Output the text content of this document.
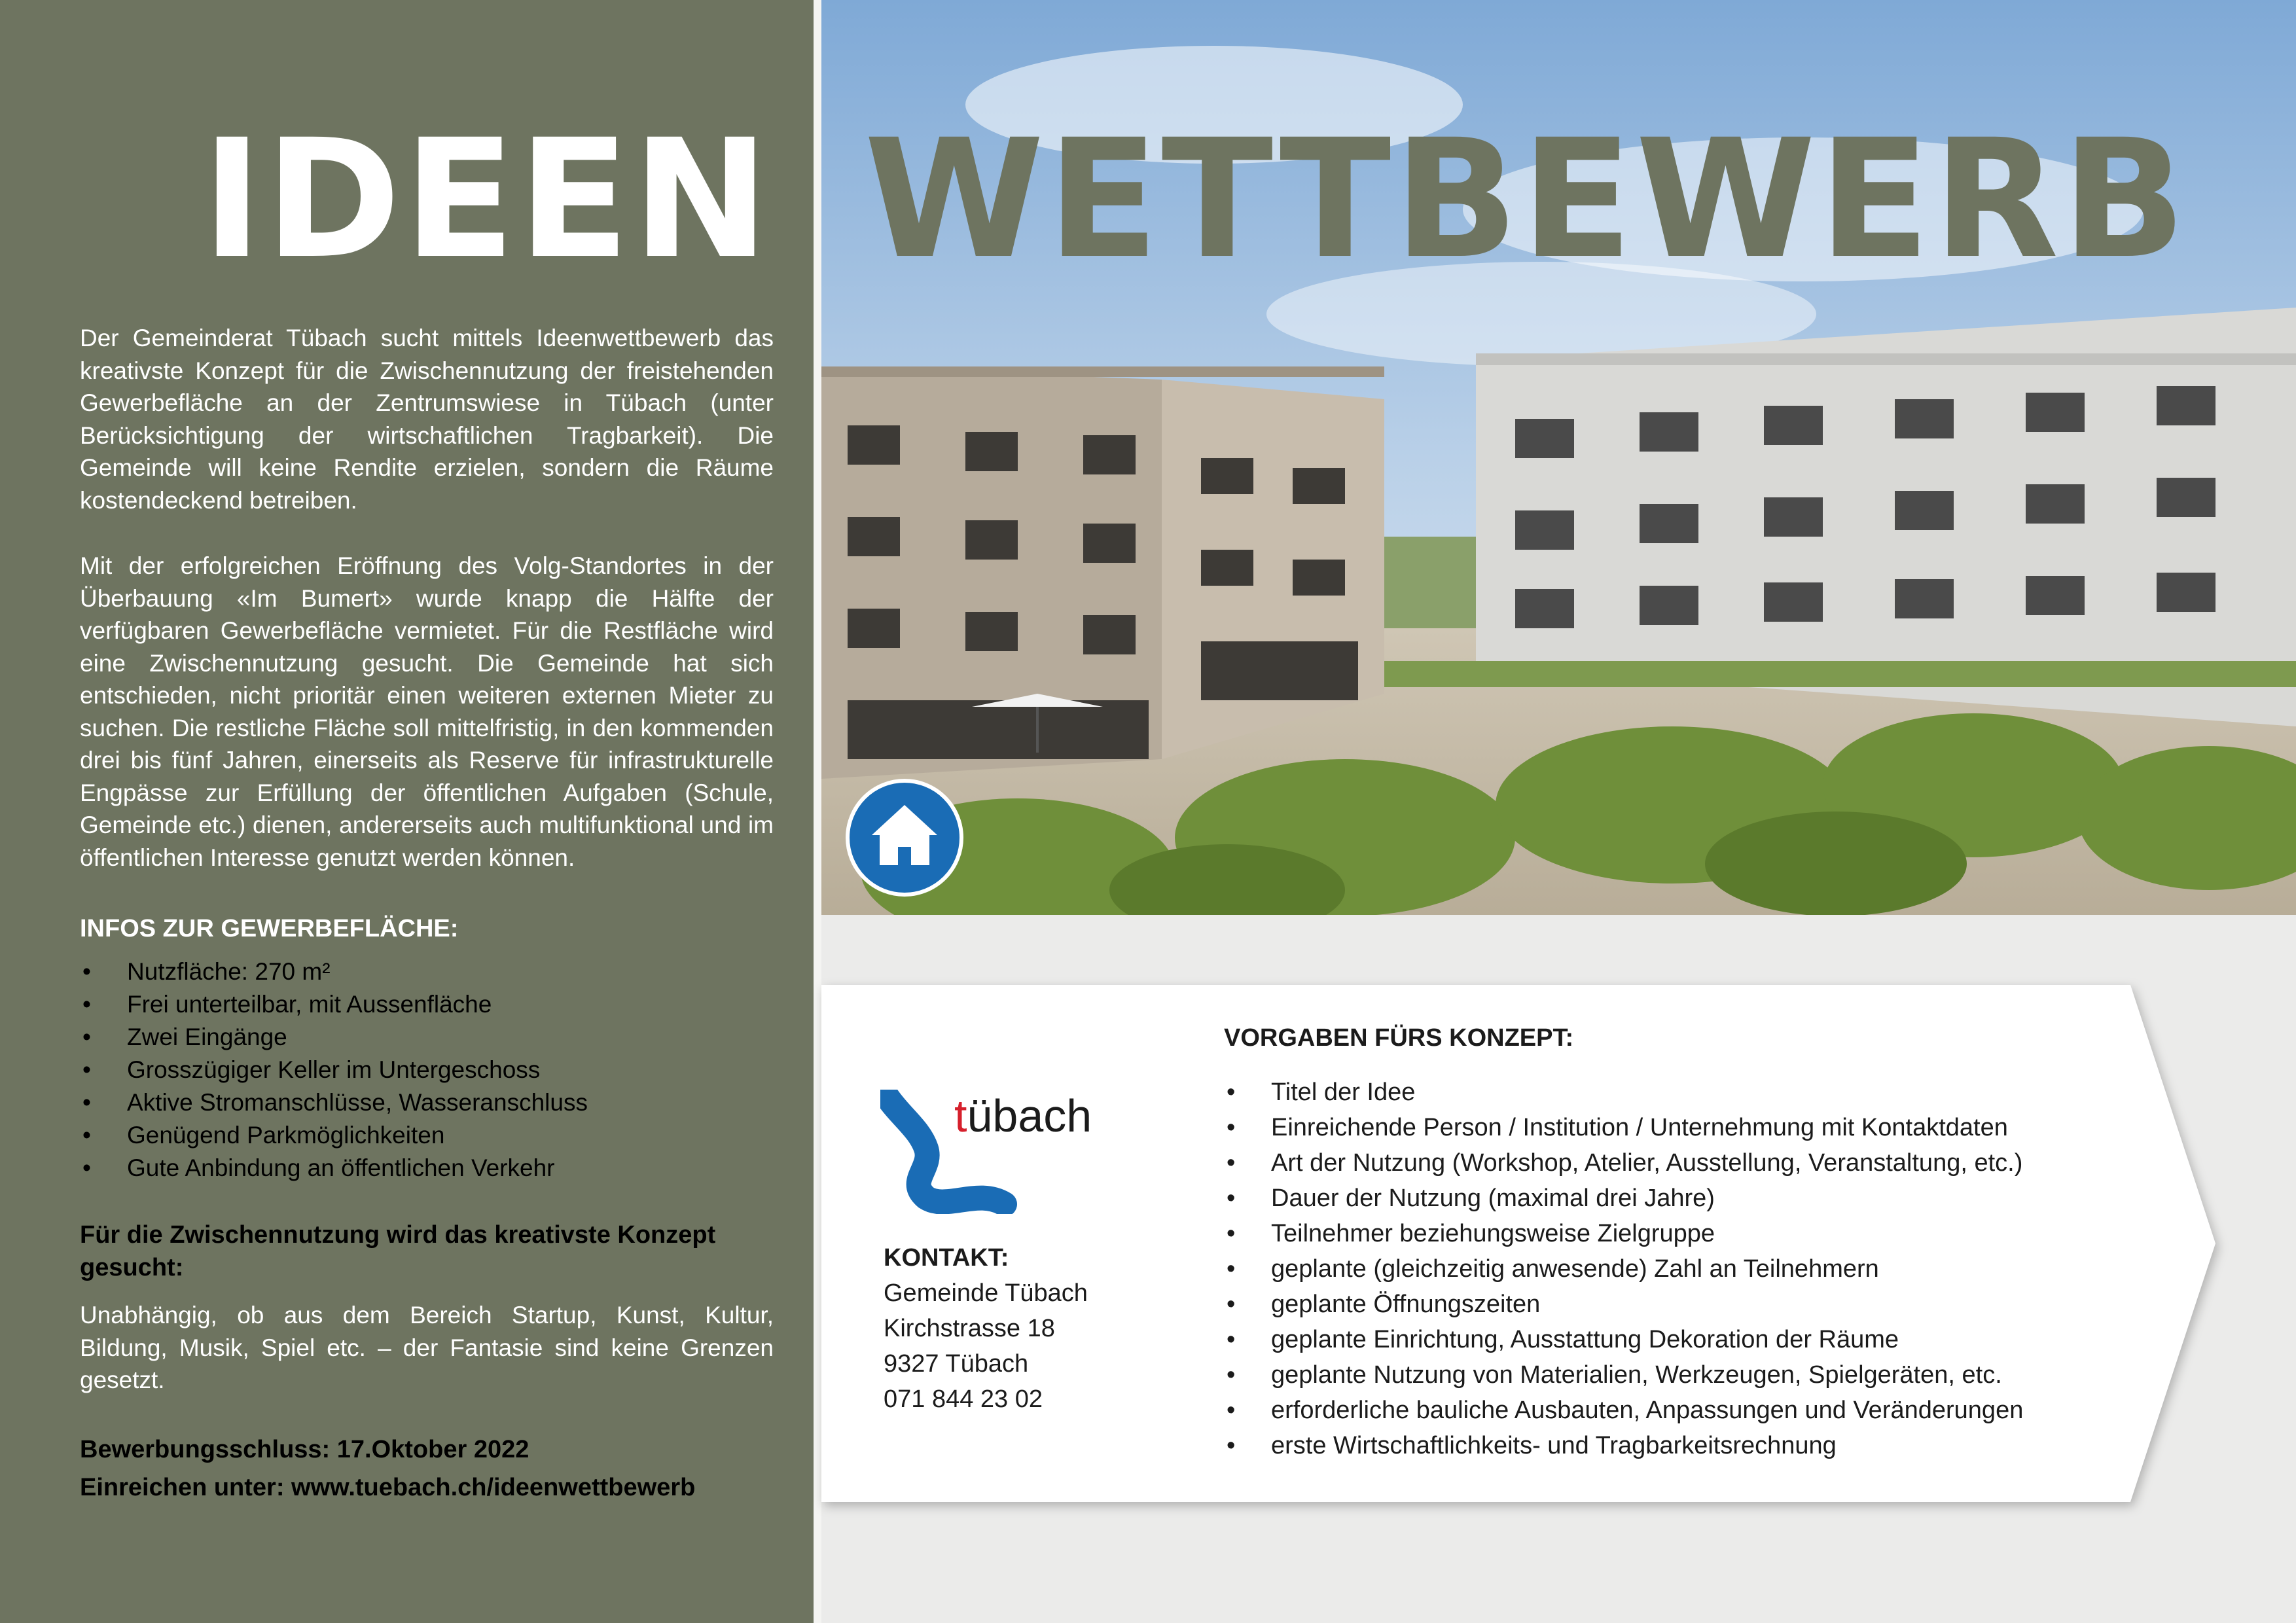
IDEEN WETTBEWERB

Der Gemeinderat Tübach sucht mittels Ideenwettbewerb das kreativste Konzept für die Zwischennutzung der freistehenden Gewerbefläche an der Zentrumswiese in Tübach (unter Berücksichtigung der wirtschaftlichen Tragbarkeit). Die Gemeinde will keine Rendite erzielen, sondern die Räume kostendeckend betreiben.

Mit der erfolgreichen Eröffnung des Volg-Standortes in der Überbauung «Im Bumert» wurde knapp die Hälfte der verfügbaren Gewerbefläche vermietet. Für die Restfläche wird eine Zwischennutzung gesucht. Die Gemeinde hat sich entschieden, nicht prioritär einen weiteren externen Mieter zu suchen. Die restliche Fläche soll mittelfristig, in den kommenden drei bis fünf Jahren, einerseits als Reserve für infrastrukturelle Engpässe zur Erfüllung der öffentlichen Aufgaben (Schule, Gemeinde etc.) dienen, andererseits auch multifunktional und im öffentlichen Interesse genutzt werden können.

INFOS ZUR GEWERBEFLÄCHE:
• Nutzfläche: 270 m²
• Frei unterteilbar, mit Aussenfläche
• Zwei Eingänge
• Grosszügiger Keller im Untergeschoss
• Aktive Stromanschlüsse, Wasseranschluss
• Genügend Parkmöglichkeiten
• Gute Anbindung an öffentlichen Verkehr

Für die Zwischennutzung wird das kreativste Konzept gesucht:

Unabhängig, ob aus dem Bereich Startup, Kunst, Kultur, Bildung, Musik, Spiel etc. – der Fantasie sind keine Grenzen gesetzt.

Bewerbungsschluss: 17.Oktober 2022

Einreichen unter: www.tuebach.ch/ideenwettbewerb

tübach

KONTAKT:
Gemeinde Tübach
Kirchstrasse 18
9327 Tübach
071 844 23 02
VORGABEN FÜRS KONZEPT:
• Titel der Idee
• Einreichende Person / Institution / Unternehmung mit Kontaktdaten
• Art der Nutzung (Workshop, Atelier, Ausstellung, Veranstaltung, etc.)
• Dauer der Nutzung (maximal drei Jahre)
• Teilnehmer beziehungsweise Zielgruppe
• geplante (gleichzeitig anwesende) Zahl an Teilnehmern
• geplante Öffnungszeiten
• geplante Einrichtung, Ausstattung Dekoration der Räume
• geplante Nutzung von Materialien, Werkzeugen, Spielgeräten, etc.
• erforderliche bauliche Ausbauten, Anpassungen und Veränderungen
• erste Wirtschaftlichkeits- und Tragbarkeitsrechnung
